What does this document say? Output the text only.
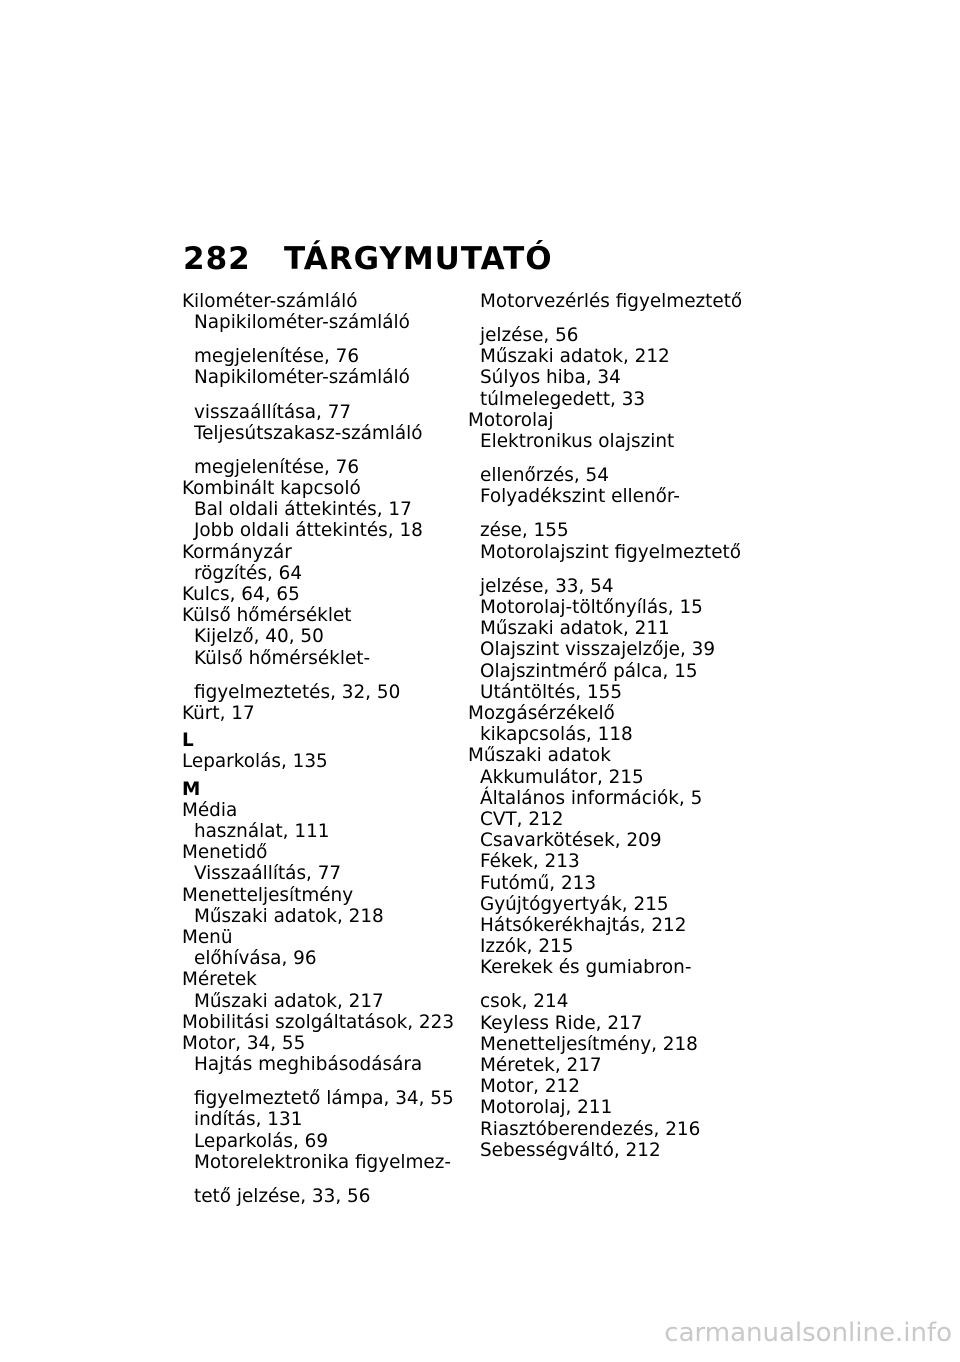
282 TÁRGYMUTATÓ
Kilométer-számláló
Napikilométer-számláló
megjelenítése, 76
Napikilométer-számláló
visszaállítása, 77
Teljesútszakasz-számláló
megjelenítése, 76
Kombinált kapcsoló
Bal oldali áttekintés, 17
Jobb oldali áttekintés, 18
Kormányzár
rögzítés, 64
Kulcs, 64, 65
Külső hőmérséklet
Kijelző, 40, 50
Külső hőmérséklet-
figyelmeztetés, 32, 50
Kürt, 17
L
Leparkolás, 135
M
Média
használat, 111
Menetidő
Visszaállítás, 77
Menetteljesítmény
Műszaki adatok, 218
Menü
előhívása, 96
Méretek
Műszaki adatok, 217
Mobilitási szolgáltatások, 223
Motor, 34, 55
Hajtás meghibásodására
figyelmeztető lámpa, 34, 55
indítás, 131
Leparkolás, 69
Motorelektronika figyelmez-
tető jelzése, 33, 56
Motorvezérlés figyelmeztető
jelzése, 56
Műszaki adatok, 212
Súlyos hiba, 34
túlmelegedett, 33
Motorolaj
Elektronikus olajszint
ellenőrzés, 54
Folyadékszint ellenőr-
zése, 155
Motorolajszint figyelmeztető
jelzése, 33, 54
Motorolaj-töltőnyílás, 15
Műszaki adatok, 211
Olajszint visszajelzője, 39
Olajszintmérő pálca, 15
Utántöltés, 155
Mozgásérzékelő
kikapcsolás, 118
Műszaki adatok
Akkumulátor, 215
Általános információk, 5
CVT, 212
Csavarkötések, 209
Fékek, 213
Futómű, 213
Gyújtógyertyák, 215
Hátsókerékhajtás, 212
Izzók, 215
Kerekek és gumiabron-
csok, 214
Keyless Ride, 217
Menetteljesítmény, 218
Méretek, 217
Motor, 212
Motorolaj, 211
Riasztóberendezés, 216
Sebességváltó, 212
carmanualsonline.info
